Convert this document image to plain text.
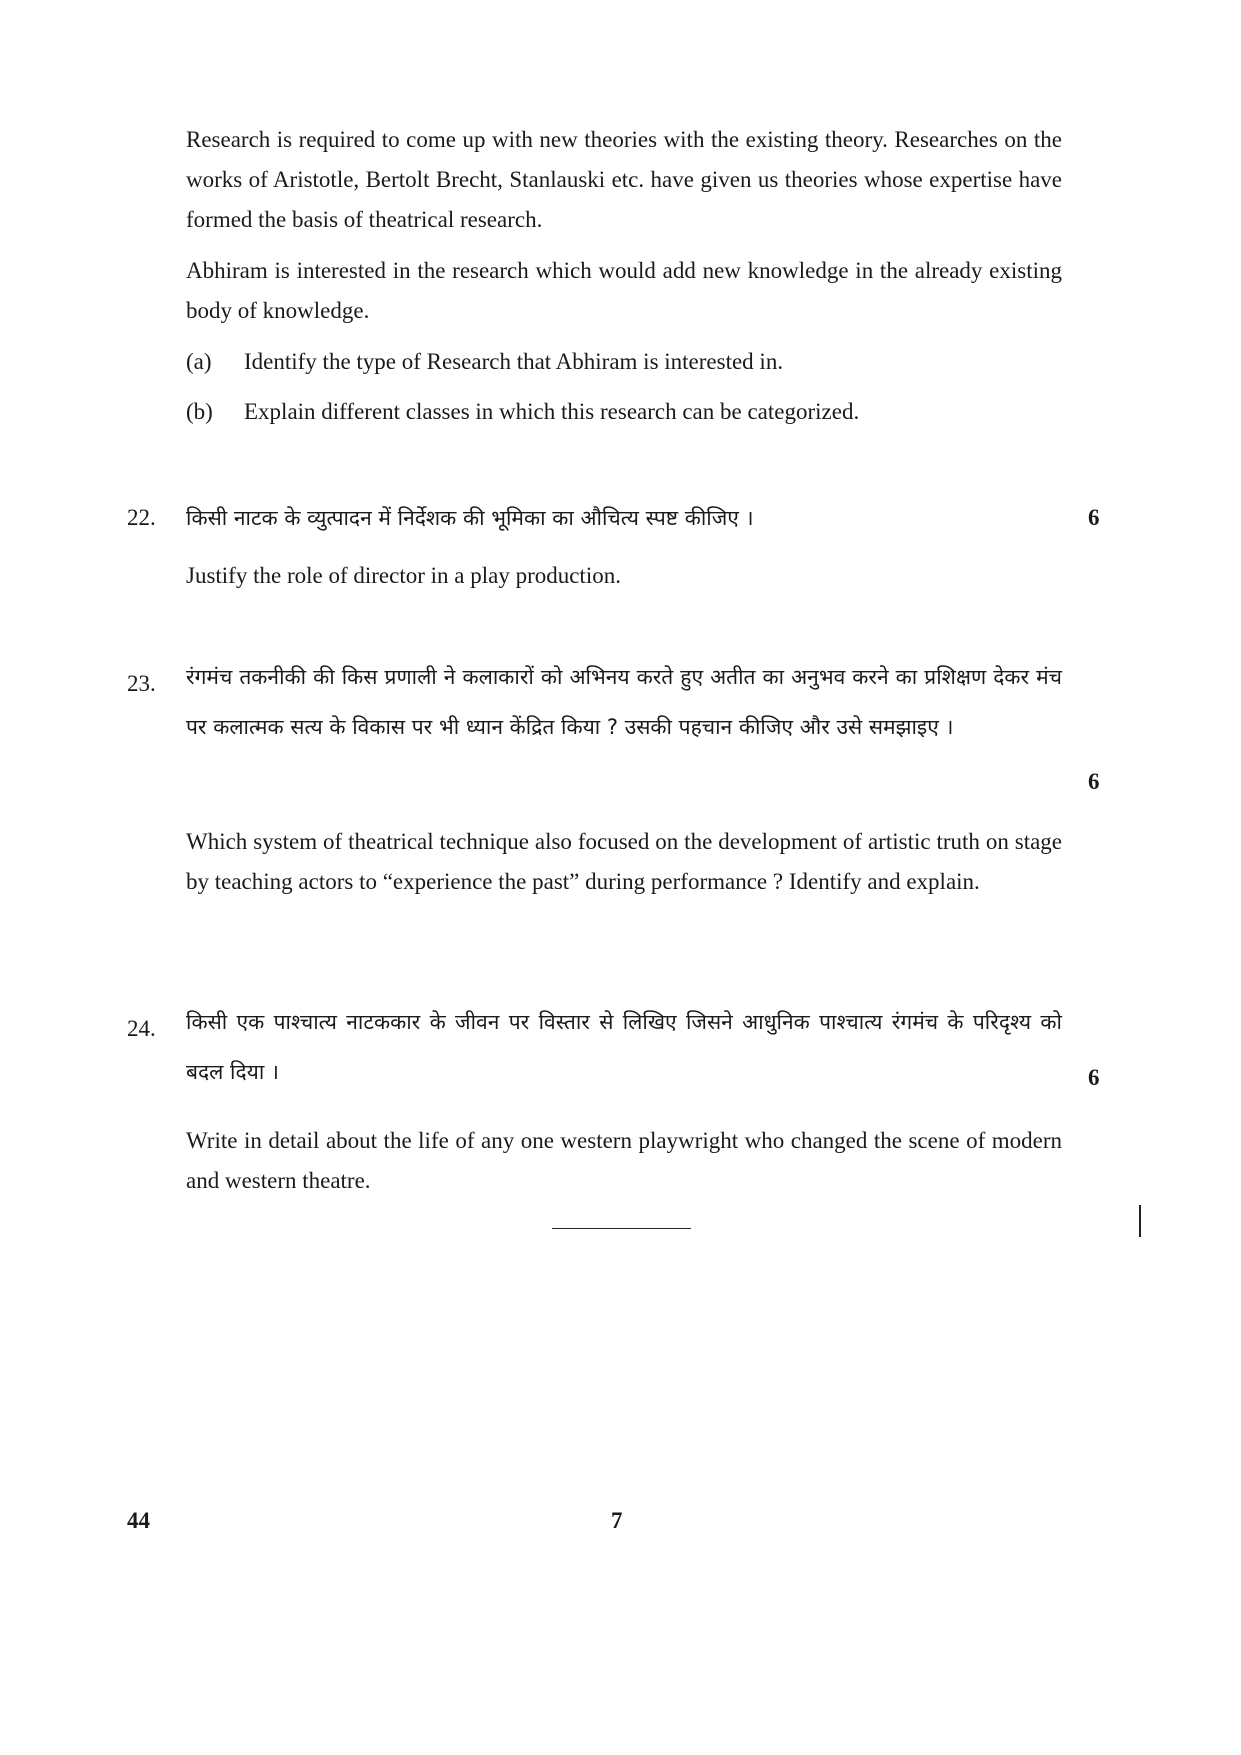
Research is required to come up with new theories with the existing theory. Researches on the works of Aristotle, Bertolt Brecht, Stanlauski etc. have given us theories whose expertise have formed the basis of theatrical research.

Abhiram is interested in the research which would add new knowledge in the already existing body of knowledge.

(a) Identify the type of Research that Abhiram is interested in.
(b) Explain different classes in which this research can be categorized.
22. किसी नाटक के व्युत्पादन में निर्देशक की भूमिका का औचित्य स्पष्ट कीजिए ।	6

Justify the role of director in a play production.

23. रंगमंच तकनीकी की किस प्रणाली ने कलाकारों को अभिनय करते हुए अतीत का अनुभव करने का प्रशिक्षण देकर मंच पर कलात्मक सत्य के विकास पर भी ध्यान केंद्रित किया ? उसकी पहचान कीजिए और उसे समझाइए ।

6

Which system of theatrical technique also focused on the development of artistic truth on stage by teaching actors to “experience the past” during performance ? Identify and explain.

24. किसी एक पाश्चात्य नाटककार के जीवन पर विस्तार से लिखिए जिसने आधुनिक पाश्चात्य रंगमंच के परिदृश्य को बदल दिया ।	6

Write in detail about the life of any one western playwright who changed the scene of modern and western theatre.

44	7
